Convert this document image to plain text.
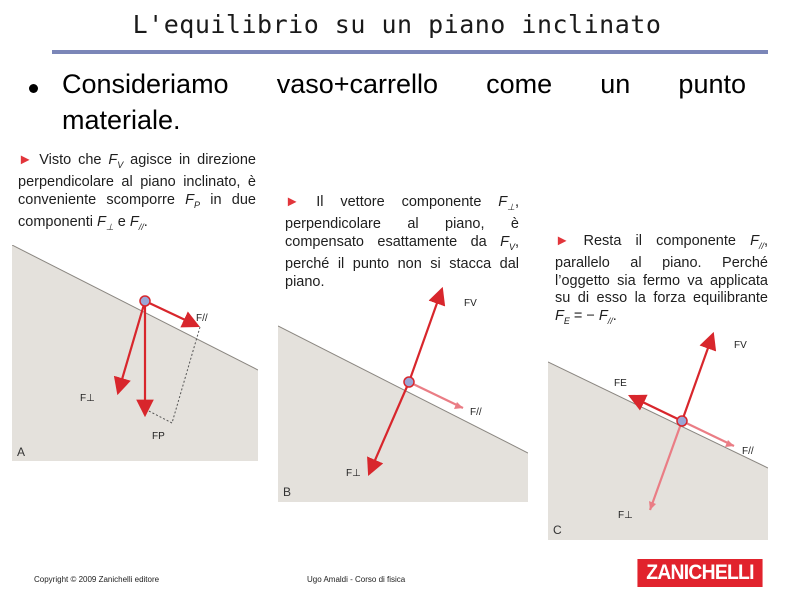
L'equilibrio su un piano inclinato
Consideriamo vaso+carrello come un punto materiale.
► Visto che $F_V$ agisce in direzione perpendicolare al piano inclinato, è conveniente scomporre $F_P$ in due componenti $F_\perp$ e $F_{//}$.
► Il vettore componente $F_\perp$, perpendicolare al piano, è compensato esattamente da $F_V$, perché il punto non si stacca dal piano.
► Resta il componente $F_{//}$, parallelo al piano. Perché l’oggetto sia fermo va applicata su di esso la forza equilibrante $F_E$ = − $F_{//}$.
F//
F⊥
FP
A
FV
F//
F⊥
B
FV
FE
F//
F⊥
C
Copyright © 2009 Zanichelli editore	Ugo Amaldi - Corso di fisica	ZANICHELLI
